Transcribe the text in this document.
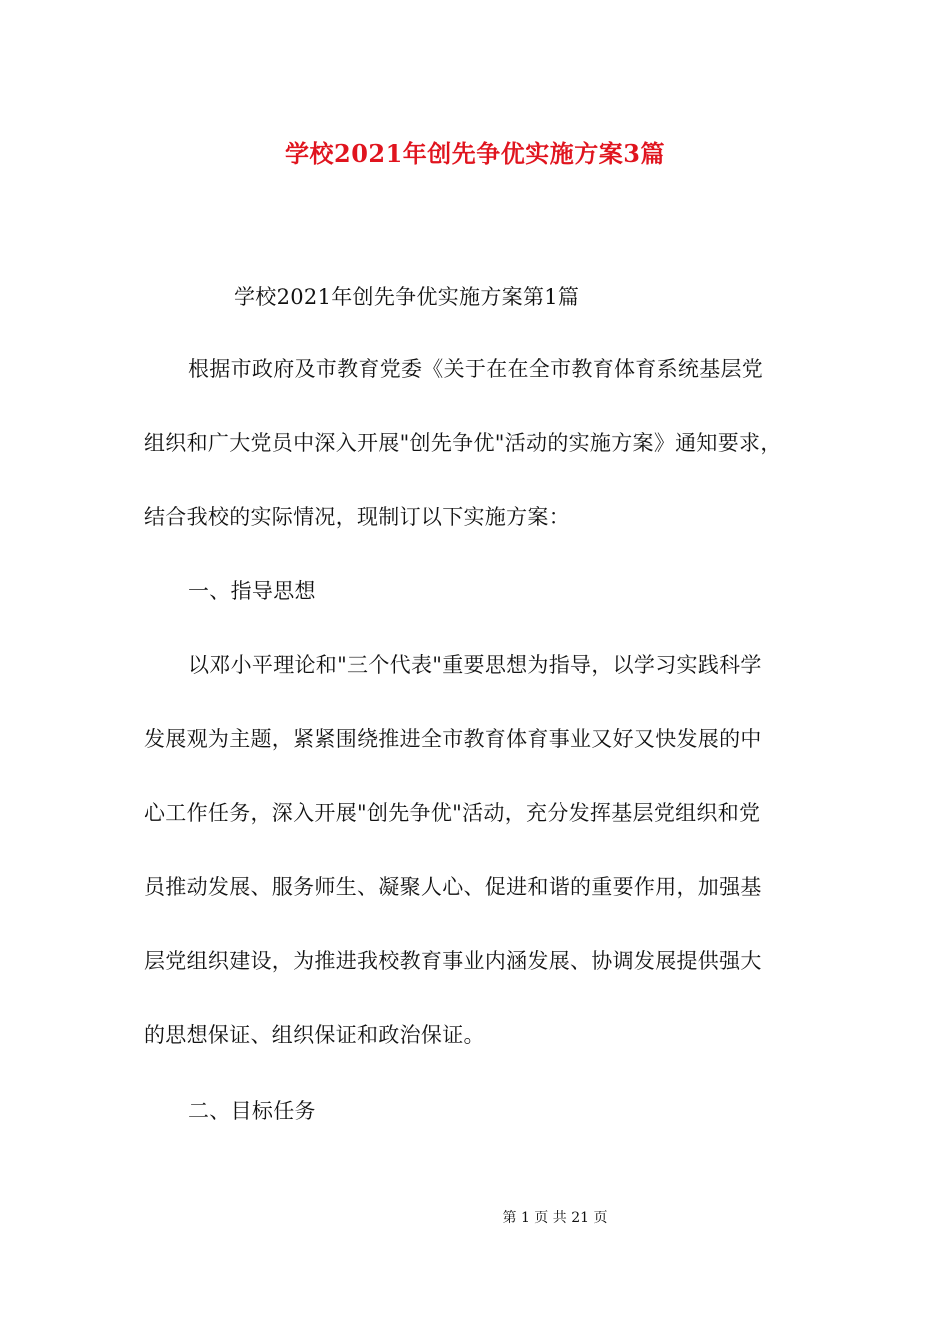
学校2021年创先争优实施方案3篇
学校2021年创先争优实施方案第1篇
根据市政府及市教育党委《关于在在全市教育体育系统基层党
组织和广大党员中深入开展"创先争优"活动的实施方案》通知要求，
结合我校的实际情况，现制订以下实施方案：
一、指导思想
以邓小平理论和"三个代表"重要思想为指导，以学习实践科学
发展观为主题，紧紧围绕推进全市教育体育事业又好又快发展的中
心工作任务，深入开展"创先争优"活动，充分发挥基层党组织和党
员推动发展、服务师生、凝聚人心、促进和谐的重要作用，加强基
层党组织建设，为推进我校教育事业内涵发展、协调发展提供强大
的思想保证、组织保证和政治保证。
二、目标任务
第 1 页 共 21 页
